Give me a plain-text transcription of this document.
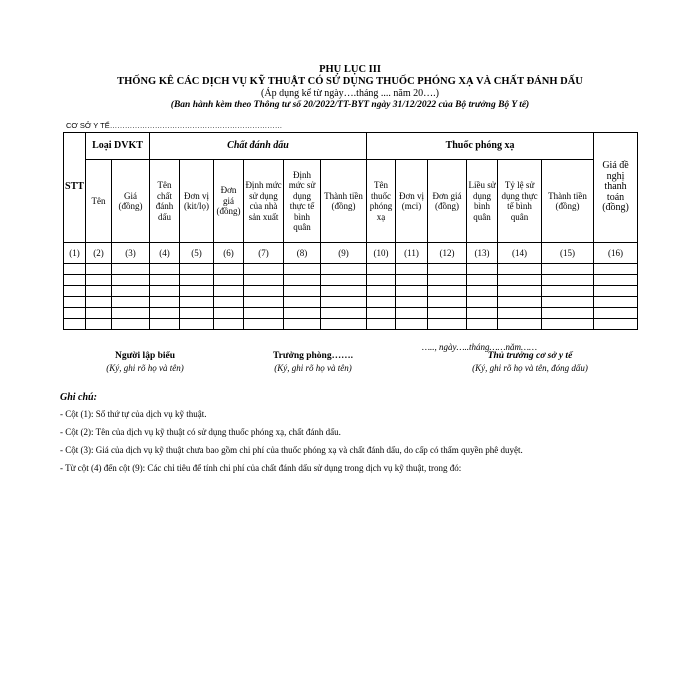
PHỤ LỤC III
THỐNG KÊ CÁC DỊCH VỤ KỸ THUẬT CÓ SỬ DỤNG THUỐC PHÓNG XẠ VÀ CHẤT ĐÁNH DẤU
(Áp dụng kể từ ngày….tháng .... năm 20….)
(Ban hành kèm theo Thông tư số 20/2022/TT-BYT ngày 31/12/2022 của Bộ trưởng Bộ Y tế)
CƠ SỞ Y TẾ……………………………………………………………
STT	Loại DVKT		Chất đánh dấu						Thuốc phóng xạ						Giá đề nghị thanh toán (đồng)
	Tên	Giá (đồng)	Tên chất đánh dấu	Đơn vị (kit/lọ)	Đơn giá (đồng)	Định mức sử dụng của nhà sản xuất	Định mức sử dụng thực tế bình quân	Thành tiền (đồng)	Tên thuốc phóng xạ	Đơn vị (mci)	Đơn giá (đồng)	Liều sử dụng bình quân	Tỷ lệ sử dụng thực tế bình quân	Thành tiền (đồng)	
(1)	(2)	(3)	(4)	(5)	(6)	(7)	(8)	(9)	(10)	(11)	(12)	(13)	(14)	(15)	(16)

….., ngày…..tháng……năm……
Người lập biểu
(Ký, ghi rõ họ và tên)
Trưởng phòng…….
(Ký, ghi rõ họ và tên)
Thủ trưởng cơ sở y tế
(Ký, ghi rõ họ và tên, đóng dấu)
Ghi chú:
- Cột (1): Số thứ tự của dịch vụ kỹ thuật.
- Cột (2): Tên của dịch vụ kỹ thuật có sử dụng thuốc phóng xạ, chất đánh dấu.
- Cột (3): Giá của dịch vụ kỹ thuật chưa bao gồm chi phí của thuốc phóng xạ và chất đánh dấu, do cấp có thẩm quyền phê duyệt.
- Từ cột (4) đến cột (9): Các chỉ tiêu để tính chi phí của chất đánh dấu sử dụng trong dịch vụ kỹ thuật, trong đó:
